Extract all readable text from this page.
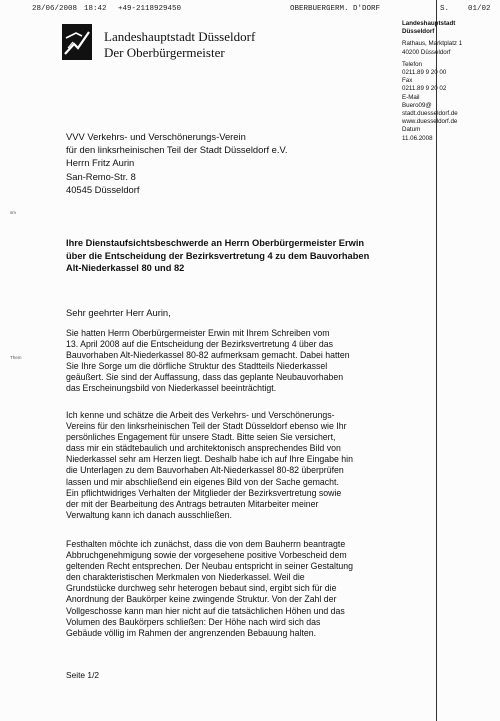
28/06/2008 18:42 +49-2118929450	OBERBUERGERM. D'DORF	S.	01/02
Landeshauptstadt Düsseldorf
Der Oberbürgermeister
Landeshauptstadt
Düsseldorf
Rathaus, Marktplatz 1
40200 Düsseldorf
Telefon
0211.89 9 20 00
Fax
0211.89 9 20 02
E-Mail
Buero09@
stadt.duesseldorf.de
www.duesseldorf.de
Datum
11.06.2008
VVV Verkehrs- und Verschönerungs-Verein
für den linksrheinischen Teil der Stadt Düsseldorf e.V.
Herrn Fritz Aurin
San-Remo-Str. 8
40545 Düsseldorf
sm
Them
Ihre Dienstaufsichtsbeschwerde an Herrn Oberbürgermeister Erwin
über die Entscheidung der Bezirksvertretung 4 zu dem Bauvorhaben
Alt-Niederkassel 80 und 82
Sehr geehrter Herr Aurin,
Sie hatten Herrn Oberbürgermeister Erwin mit Ihrem Schreiben vom
13. April 2008 auf die Entscheidung der Bezirksvertretung 4 über das
Bauvorhaben Alt-Niederkassel 80-82 aufmerksam gemacht. Dabei hatten
Sie Ihre Sorge um die dörfliche Struktur des Stadtteils Niederkassel
geäußert. Sie sind der Auffassung, dass das geplante Neubauvorhaben
das Erscheinungsbild von Niederkassel beeinträchtigt.
Ich kenne und schätze die Arbeit des Verkehrs- und Verschönerungs-
Vereins für den linksrheinischen Teil der Stadt Düsseldorf ebenso wie Ihr
persönliches Engagement für unsere Stadt. Bitte seien Sie versichert,
dass mir ein städtebaulich und architektonisch ansprechendes Bild von
Niederkassel sehr am Herzen liegt. Deshalb habe ich auf Ihre Eingabe hin
die Unterlagen zu dem Bauvorhaben Alt-Niederkassel 80-82 überprüfen
lassen und mir abschließend ein eigenes Bild von der Sache gemacht.
Ein pflichtwidriges Verhalten der Mitglieder der Bezirksvertretung sowie
der mit der Bearbeitung des Antrags betrauten Mitarbeiter meiner
Verwaltung kann ich danach ausschließen.
Festhalten möchte ich zunächst, dass die von dem Bauherrn beantragte
Abbruchgenehmigung sowie der vorgesehene positive Vorbescheid dem
geltenden Recht entsprechen. Der Neubau entspricht in seiner Gestaltung
den charakteristischen Merkmalen von Niederkassel. Weil die
Grundstücke durchweg sehr heterogen bebaut sind, ergibt sich für die
Anordnung der Baukörper keine zwingende Struktur. Von der Zahl der
Vollgeschosse kann man hier nicht auf die tatsächlichen Höhen und das
Volumen des Baukörpers schließen: Der Höhe nach wird sich das
Gebäude völlig im Rahmen der angrenzenden Bebauung halten.
Seite 1/2
